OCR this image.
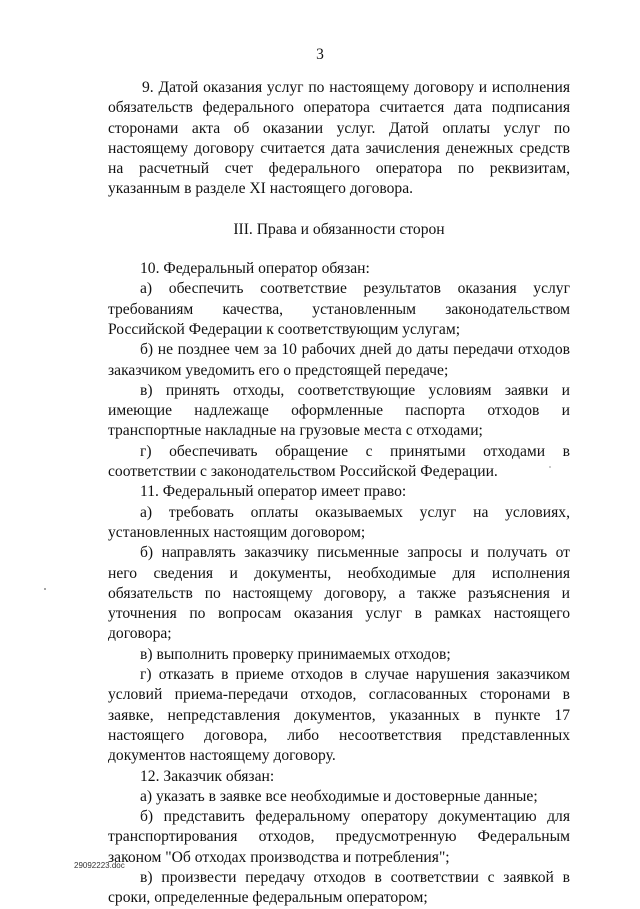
3

9. Датой оказания услуг по настоящему договору и исполнения обязательств федерального оператора считается дата подписания сторонами акта об оказании услуг. Датой оплаты услуг по настоящему договору считается дата зачисления денежных средств на расчетный счет федерального оператора по реквизитам, указанным в разделе XI настоящего договора.

III. Права и обязанности сторон

10. Федеральный оператор обязан:

а) обеспечить соответствие результатов оказания услуг требованиям качества, установленным законодательством Российской Федерации к соответствующим услугам;

б) не позднее чем за 10 рабочих дней до даты передачи отходов заказчиком уведомить его о предстоящей передаче;

в) принять отходы, соответствующие условиям заявки и имеющие надлежаще оформленные паспорта отходов и транспортные накладные на грузовые места с отходами;

г) обеспечивать обращение с принятыми отходами в соответствии с законодательством Российской Федерации.

11. Федеральный оператор имеет право:

а) требовать оплаты оказываемых услуг на условиях, установленных настоящим договором;

б) направлять заказчику письменные запросы и получать от него сведения и документы, необходимые для исполнения обязательств по настоящему договору, а также разъяснения и уточнения по вопросам оказания услуг в рамках настоящего договора;

в) выполнить проверку принимаемых отходов;

г) отказать в приеме отходов в случае нарушения заказчиком условий приема-передачи отходов, согласованных сторонами в заявке, непредставления документов, указанных в пункте 17 настоящего договора, либо несоответствия представленных документов настоящему договору.

12. Заказчик обязан:

а) указать в заявке все необходимые и достоверные данные;

б) представить федеральному оператору документацию для транспортирования отходов, предусмотренную Федеральным законом "Об отходах производства и потребления";

в) произвести передачу отходов в соответствии с заявкой в сроки, определенные федеральным оператором;

29092223.doc
